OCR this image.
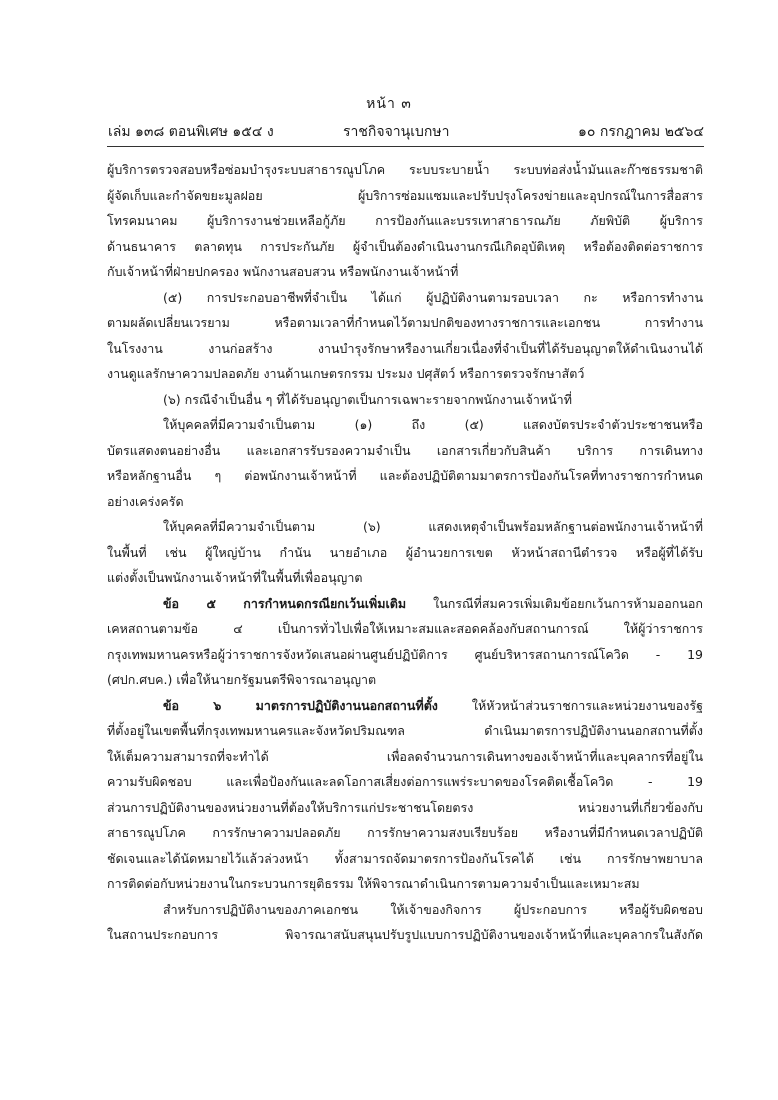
หน้า ๓
เล่ม ๑๓๘ ตอนพิเศษ ๑๕๔ ง	ราชกิจจานุเบกษา	๑๐ กรกฎาคม ๒๕๖๔
ผู้บริการตรวจสอบหรือซ่อมบำรุงระบบสาธารณูปโภค ระบบระบายน้ำ ระบบท่อส่งน้ำมันและก๊าซธรรมชาติ
ผู้จัดเก็บและกำจัดขยะมูลฝอย ผู้บริการซ่อมแซมและปรับปรุงโครงข่ายและอุปกรณ์ในการสื่อสาร
โทรคมนาคม ผู้บริการงานช่วยเหลือกู้ภัย การป้องกันและบรรเทาสาธารณภัย ภัยพิบัติ ผู้บริการ
ด้านธนาคาร ตลาดทุน การประกันภัย ผู้จำเป็นต้องดำเนินงานกรณีเกิดอุบัติเหตุ หรือต้องติดต่อราชการ
กับเจ้าหน้าที่ฝ่ายปกครอง พนักงานสอบสวน หรือพนักงานเจ้าหน้าที่
(๕) การประกอบอาชีพที่จำเป็น ได้แก่ ผู้ปฏิบัติงานตามรอบเวลา กะ หรือการทำงาน
ตามผลัดเปลี่ยนเวรยาม หรือตามเวลาที่กำหนดไว้ตามปกติของทางราชการและเอกชน การทำงาน
ในโรงงาน งานก่อสร้าง งานบำรุงรักษาหรืองานเกี่ยวเนื่องที่จำเป็นที่ได้รับอนุญาตให้ดำเนินงานได้
งานดูแลรักษาความปลอดภัย งานด้านเกษตรกรรม ประมง ปศุสัตว์ หรือการตรวจรักษาสัตว์
(๖) กรณีจำเป็นอื่น ๆ ที่ได้รับอนุญาตเป็นการเฉพาะรายจากพนักงานเจ้าหน้าที่
ให้บุคคลที่มีความจำเป็นตาม (๑) ถึง (๕) แสดงบัตรประจำตัวประชาชนหรือ
บัตรแสดงตนอย่างอื่น และเอกสารรับรองความจำเป็น เอกสารเกี่ยวกับสินค้า บริการ การเดินทาง
หรือหลักฐานอื่น ๆ ต่อพนักงานเจ้าหน้าที่ และต้องปฏิบัติตามมาตรการป้องกันโรคที่ทางราชการกำหนด
อย่างเคร่งครัด
ให้บุคคลที่มีความจำเป็นตาม (๖) แสดงเหตุจำเป็นพร้อมหลักฐานต่อพนักงานเจ้าหน้าที่
ในพื้นที่ เช่น ผู้ใหญ่บ้าน กำนัน นายอำเภอ ผู้อำนวยการเขต หัวหน้าสถานีตำรวจ หรือผู้ที่ได้รับ
แต่งตั้งเป็นพนักงานเจ้าหน้าที่ในพื้นที่เพื่ออนุญาต
ข้อ ๕ การกำหนดกรณียกเว้นเพิ่มเติม ในกรณีที่สมควรเพิ่มเติมข้อยกเว้นการห้ามออกนอก
เคหสถานตามข้อ ๔ เป็นการทั่วไปเพื่อให้เหมาะสมและสอดคล้องกับสถานการณ์ ให้ผู้ว่าราชการ
กรุงเทพมหานครหรือผู้ว่าราชการจังหวัดเสนอผ่านศูนย์ปฏิบัติการ ศูนย์บริหารสถานการณ์โควิด - 19
(ศปก.ศบค.) เพื่อให้นายกรัฐมนตรีพิจารณาอนุญาต
ข้อ ๖ มาตรการปฏิบัติงานนอกสถานที่ตั้ง	ให้หัวหน้าส่วนราชการและหน่วยงานของรัฐ
ที่ตั้งอยู่ในเขตพื้นที่กรุงเทพมหานครและจังหวัดปริมณฑล ดำเนินมาตรการปฏิบัติงานนอกสถานที่ตั้ง
ให้เต็มความสามารถที่จะทำได้ เพื่อลดจำนวนการเดินทางของเจ้าหน้าที่และบุคลากรที่อยู่ใน
ความรับผิดชอบ และเพื่อป้องกันและลดโอกาสเสี่ยงต่อการแพร่ระบาดของโรคติดเชื้อโควิด - 19
ส่วนการปฏิบัติงานของหน่วยงานที่ต้องให้บริการแก่ประชาชนโดยตรง หน่วยงานที่เกี่ยวข้องกับ
สาธารณูปโภค การรักษาความปลอดภัย การรักษาความสงบเรียบร้อย หรืองานที่มีกำหนดเวลาปฏิบัติ
ชัดเจนและได้นัดหมายไว้แล้วล่วงหน้า ทั้งสามารถจัดมาตรการป้องกันโรคได้ เช่น การรักษาพยาบาล
การติดต่อกับหน่วยงานในกระบวนการยุติธรรม ให้พิจารณาดำเนินการตามความจำเป็นและเหมาะสม
สำหรับการปฏิบัติงานของภาคเอกชน ให้เจ้าของกิจการ ผู้ประกอบการ หรือผู้รับผิดชอบ
ในสถานประกอบการ พิจารณาสนับสนุนปรับรูปแบบการปฏิบัติงานของเจ้าหน้าที่และบุคลากรในสังกัด
